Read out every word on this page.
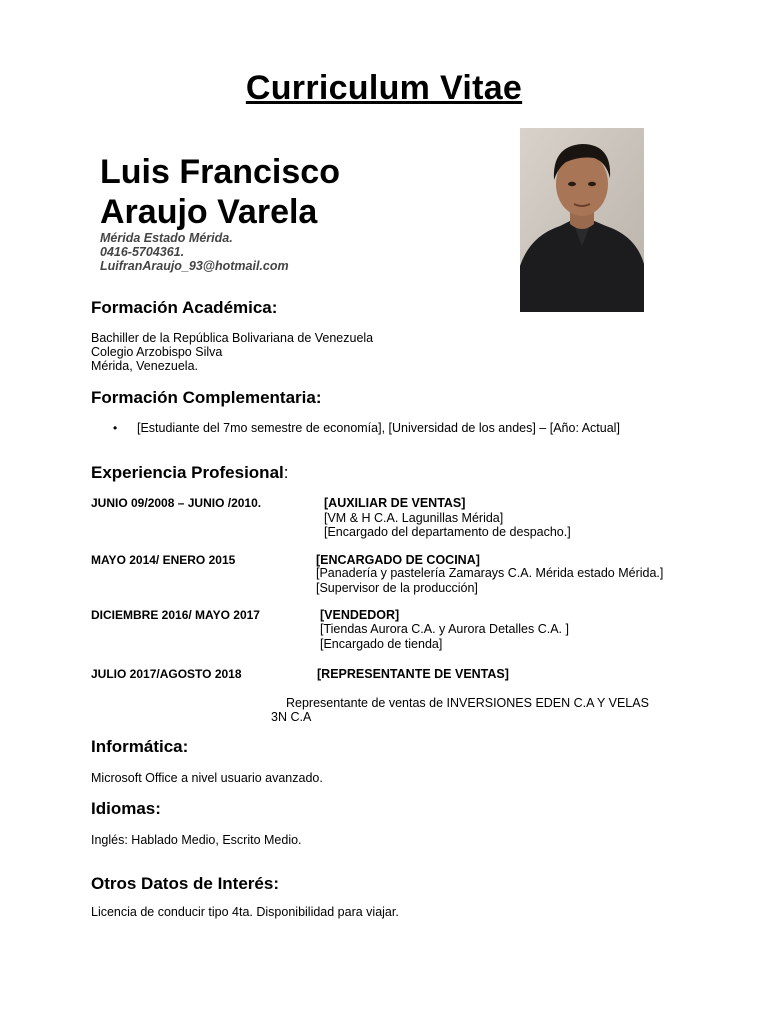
Curriculum Vitae
Luis Francisco
Araujo Varela
Mérida Estado Mérida.
0416-5704361.
LuifranAraujo_93@hotmail.com
Formación Académica:
Bachiller de la República Bolivariana de Venezuela
Colegio Arzobispo Silva
Mérida, Venezuela.
Formación Complementaria:
• [Estudiante del 7mo semestre de economía], [Universidad de los andes] – [Año: Actual]
Experiencia Profesional:
JUNIO 09/2008 – JUNIO /2010.	[AUXILIAR DE VENTAS]
[VM & H C.A. Lagunillas Mérida]
[Encargado del departamento de despacho.]
MAYO 2014/ ENERO 2015	[ENCARGADO DE COCINA]
[Panadería y pastelería Zamarays C.A. Mérida estado Mérida.]
[Supervisor de la producción]
DICIEMBRE 2016/ MAYO 2017	[VENDEDOR]
[Tiendas Aurora C.A. y Aurora Detalles C.A. ]
[Encargado de tienda]
JULIO 2017/AGOSTO 2018	[REPRESENTANTE DE VENTAS]
Representante de ventas de INVERSIONES EDEN C.A Y VELAS
3N C.A
Informática:
Microsoft Office a nivel usuario avanzado.
Idiomas:
Inglés: Hablado Medio, Escrito Medio.
Otros Datos de Interés:
Licencia de conducir tipo 4ta. Disponibilidad para viajar.
